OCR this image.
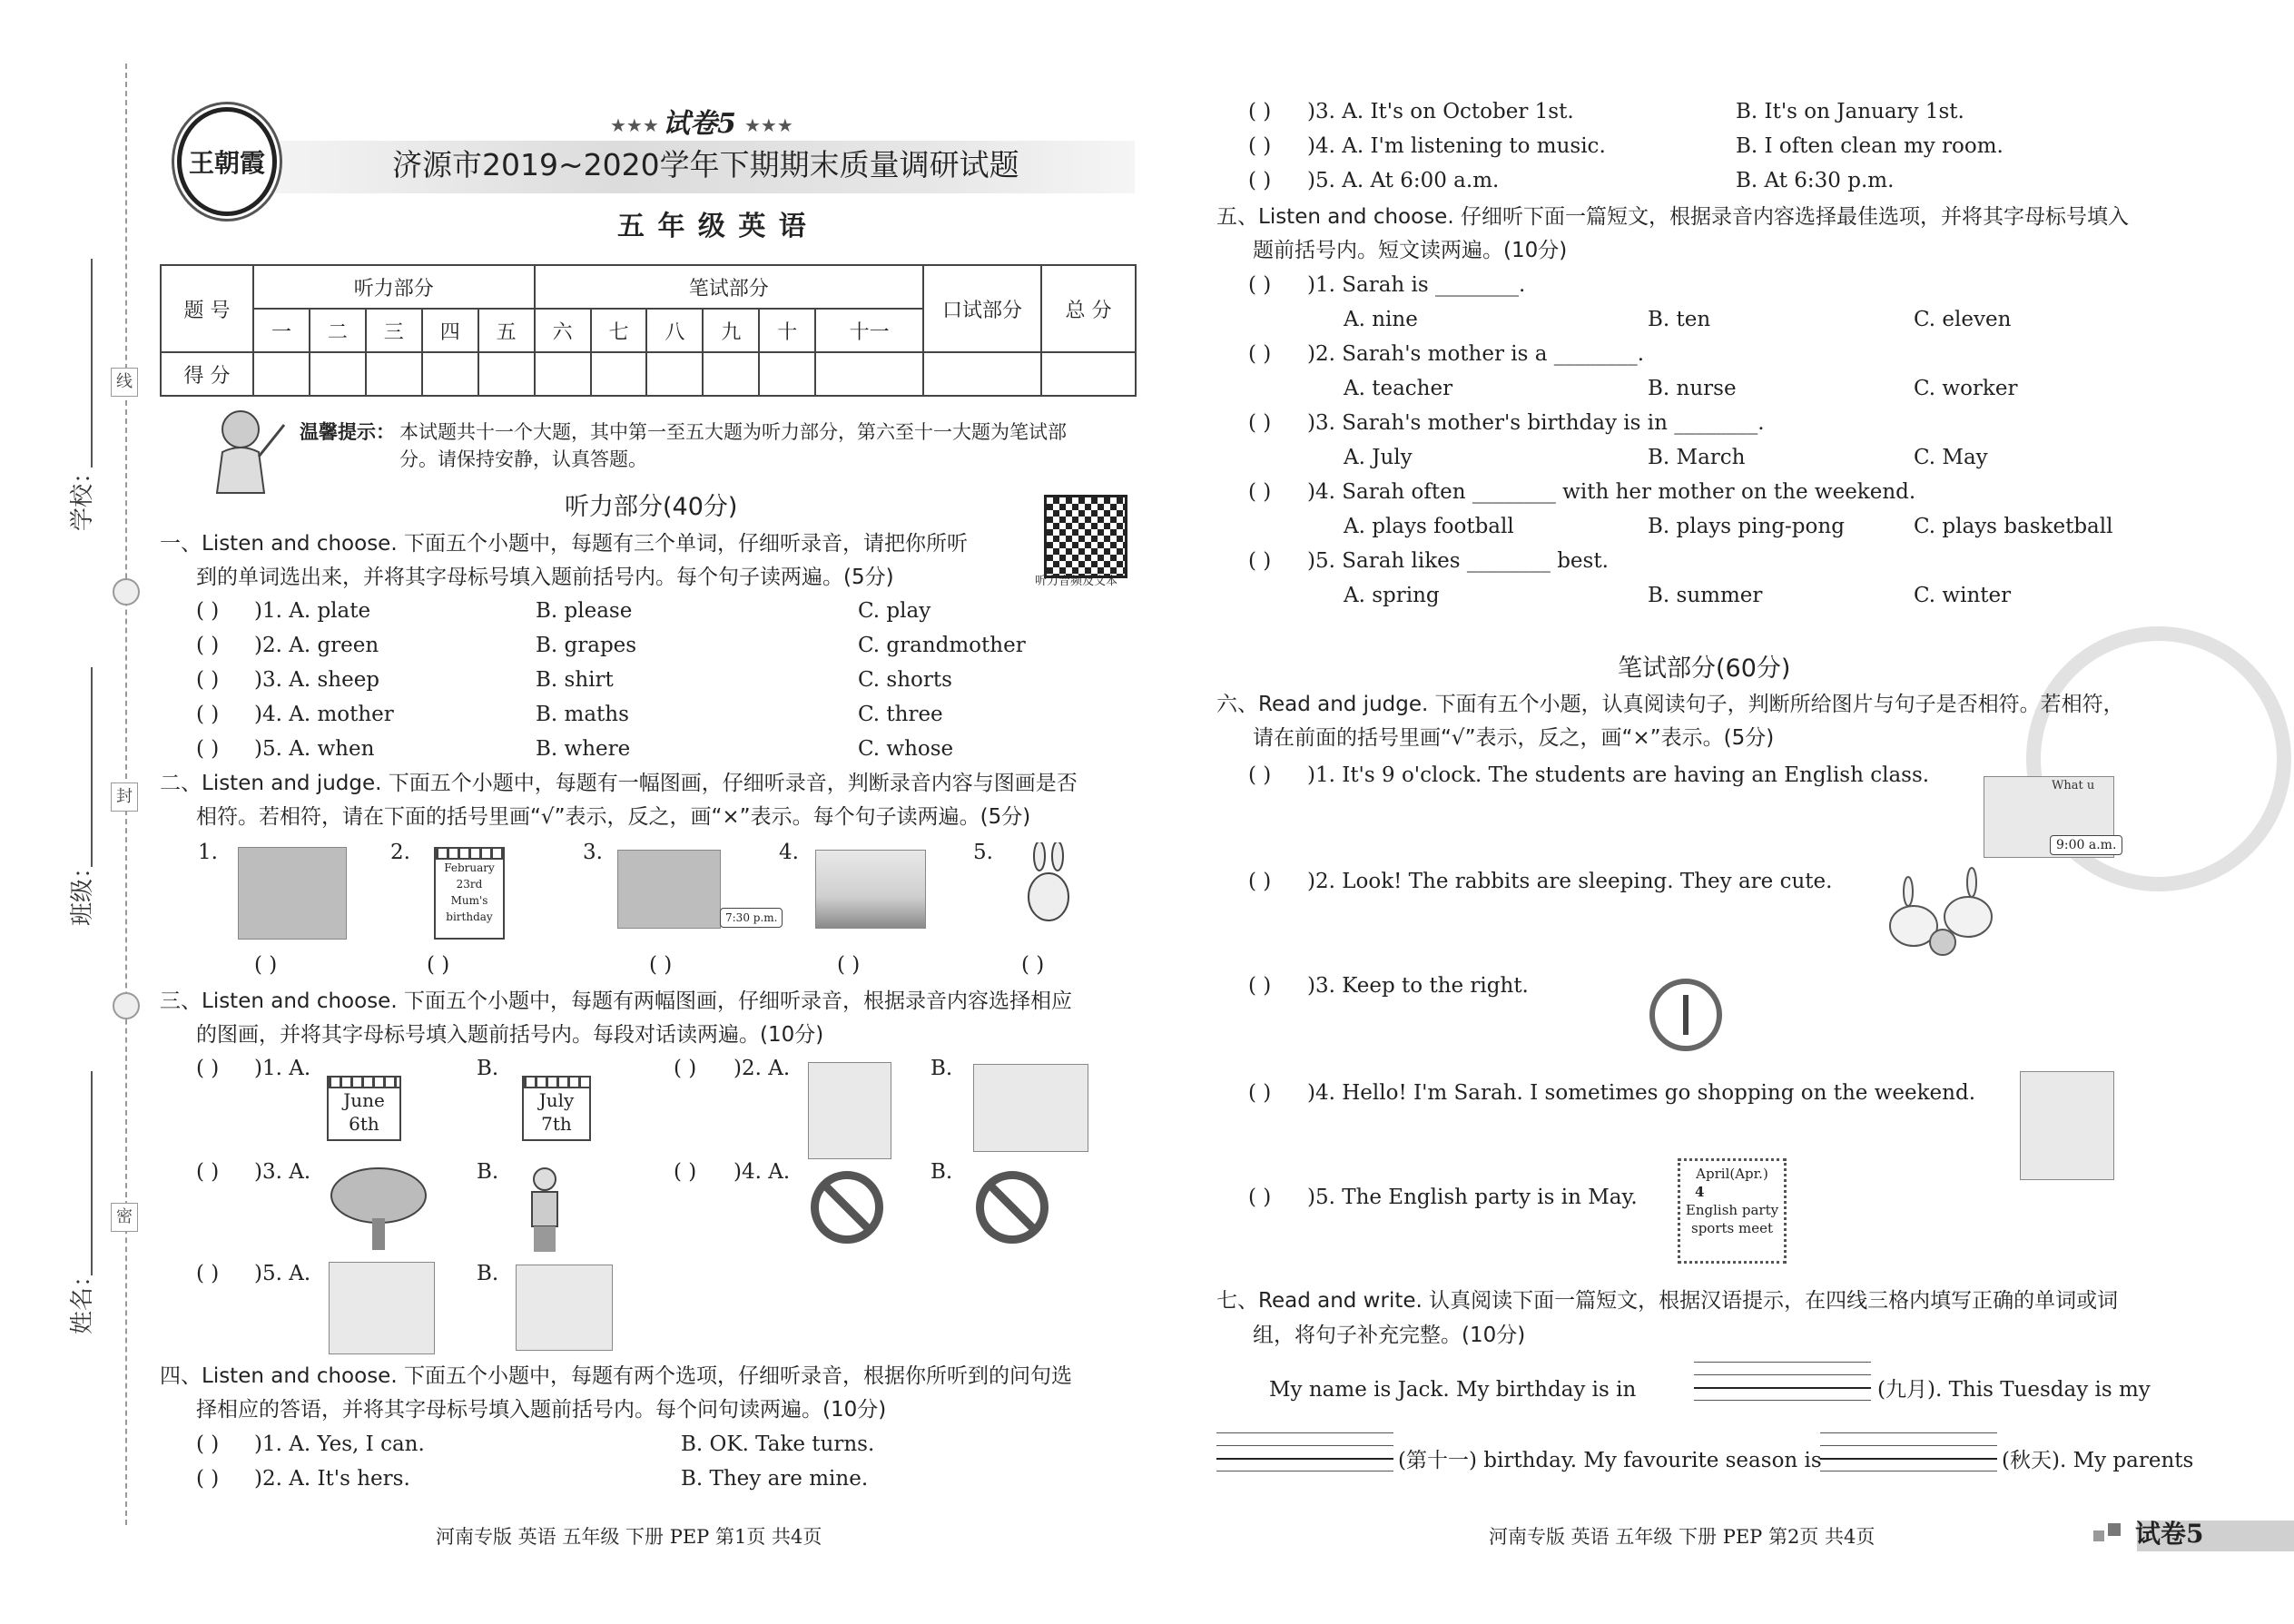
学校：
班级：
姓名：
线
封
密
王朝霞
★★★ 试卷5 ★★★
济源市2019~2020学年下期期末质量调研试题
五 年 级 英 语
题 号	听力部分					笔试部分						口试部分	总 分
	一	二	三	四	五	六	七	八	九	十	十一		
得 分													
温馨提示： 本试题共十一个大题，其中第一至五大题为听力部分，第六至十一大题为笔试部
分。请保持安静，认真答题。
听力部分(40分)
听力音频及文本
一、Listen and choose. 下面五个小题中，每题有三个单词，仔细听录音，请把你所听
到的单词选出来，并将其字母标号填入题前括号内。每个句子读两遍。(5分)
( ) )1. A. plate	B. please	C. play
( ) )2. A. green	B. grapes	C. grandmother
( ) )3. A. sheep	B. shirt	C. shorts
( ) )4. A. mother	B. maths	C. three
( ) )5. A. when	B. where	C. whose
二、Listen and judge. 下面五个小题中，每题有一幅图画，仔细听录音，判断录音内容与图画是否
相符。若相符，请在下面的括号里画“√”表示，反之，画“×”表示。每个句子读两遍。(5分)
1.	2.
February
23rd
Mum's
birthday
3.
7:30 p.m.
4.	5.
( )	( )	( )	( )	( )
三、Listen and choose. 下面五个小题中，每题有两幅图画，仔细听录音，根据录音内容选择相应
的图画，并将其字母标号填入题前括号内。每段对话读两遍。(10分)
( ) )1. A.
June
6th
B.
July
7th
( ) )2. A.	B.
( ) )3. A.	B.	( ) )4. A.	B.
( ) )5. A.	B.
四、Listen and choose. 下面五个小题中，每题有两个选项，仔细听录音，根据你所听到的问句选
择相应的答语，并将其字母标号填入题前括号内。每个问句读两遍。(10分)
( ) )1. A. Yes, I can.	B. OK. Take turns.
( ) )2. A. It's hers.	B. They are mine.
河南专版 英语 五年级 下册 PEP 第1页 共4页
( ) )3. A. It's on October 1st.	B. It's on January 1st.
( ) )4. A. I'm listening to music.	B. I often clean my room.
( ) )5. A. At 6:00 a.m.	B. At 6:30 p.m.
五、Listen and choose. 仔细听下面一篇短文，根据录音内容选择最佳选项，并将其字母标号填入
题前括号内。短文读两遍。(10分)
( ) )1. Sarah is ________.
A. nine	B. ten	C. eleven
( ) )2. Sarah's mother is a ________.
A. teacher	B. nurse	C. worker
( ) )3. Sarah's mother's birthday is in ________.
A. July	B. March	C. May
( ) )4. Sarah often ________ with her mother on the weekend.
A. plays football	B. plays ping-pong	C. plays basketball
( ) )5. Sarah likes ________ best.
A. spring	B. summer	C. winter
笔试部分(60分)
六、Read and judge. 下面有五个小题，认真阅读句子，判断所给图片与句子是否相符。若相符，
请在前面的括号里画“√”表示，反之，画“×”表示。(5分)
( ) )1. It's 9 o'clock. The students are having an English class.	What u
9:00 a.m.
( ) )2. Look! The rabbits are sleeping. They are cute.
( ) )3. Keep to the right.
( ) )4. Hello! I'm Sarah. I sometimes go shopping on the weekend.
( ) )5. The English party is in May.
April(Apr.)
4
English party
sports meet
七、Read and write. 认真阅读下面一篇短文，根据汉语提示，在四线三格内填写正确的单词或词
组，将句子补充完整。(10分)
My name is Jack. My birthday is in	(九月). This Tuesday is my
(第十一) birthday. My favourite season is	(秋天). My parents
河南专版 英语 五年级 下册 PEP 第2页 共4页	试卷5
